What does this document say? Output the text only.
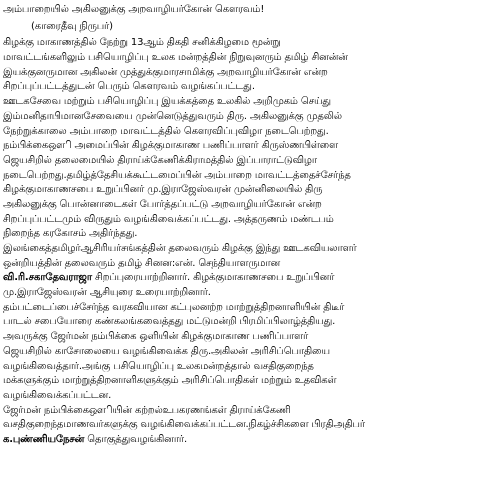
அம்பாறையில் அகிலனுக்கு அறவாழியர்கோன் கௌரவம்!
(காரைதீவு நிருபர்)
கிழக்கு மாகாணத்தில் நேற்று 13ஆம் திகதி சனிக்கிழமை மூன்று
மாவட்டங்களிலும் பசியொழிப்பு உலக மன்றத்தின் நிறுவுனரும் தமிழ் சினன்ன்
இயக்குனருமான அகிலன் முத்துக்குமாரசாமிக்கு அறவாழியர்கோன் என்ற
சிறப்புப்பட்டத்துடன் பெரும் கௌரவம் வழங்கப்பட்டது.
ஊடகசேவை மற்றும் பசியொழிப்பு இயக்கத்தை உலகில் அறிமுகம் செய்து
இம்மனிதாபிமானசேவையை முன்னெடுத்துவரும் திரு. அகிலனுக்கு முதலில்
நேற்றுக்காலை அம்பாறை மாவட்டத்தில் கௌரவிப்புவிழா நடைபெற்றது.
நம்பிக்கைஔி அமைப்பின் கிழக்குமாகாண பணிப்பாளர் கிருஸ்ணபிள்ளை
ஜெயசிறில் தலைமையில் திராய்க்கேணிக்கிராமத்தில் இப்பாராட்டுவிழா
நடைபெற்றது.தமிழ்த்தேசியக்கூட்டமைப்பின் அம்பாறை மாவட்டத்தைச்சேர்ந்த
கிழக்குமாகாணசபை உறுப்பினர் மு.இராஜேஸ்வரன் முன்னிலையில் திரு
அகிலனுக்கு பொன்னாடைகள் போர்த்தப்பட்டு அறவாழியர்கோன் என்ற
சிறப்புப்பட்டமும் விருதும் வழங்கிவைக்கப்பட்டது. அத்தருணம் மண்டபம்
நிறைந்த கரகோசம் அதிர்ந்தது.
இலங்கைத்தமிழர்ஆசிரியர்சங்கத்தின் தலைவரும் கிழக்கு இந்து ஊடகவியலாளர்
ஒன்றியத்தின் தலைவரும் தமிழ் சினன:என். செந்தியாளருமான
வி.ரி.சகாதேவராஜா சிறப்புரையாற்றினார். கிழக்குமாகாணசபை உறுப்பினர்
மு.இராஜேஸ்வரன் ஆசியுரை உரையாற்றினார்.
தம்பட்டைப்பைச்சேர்ந்த வரகவியான கட்புலனற்ற மாற்றுத்திறனாளியின் திடீர்
பாடல் சபையோரை கண்கலங்கவைத்தது மட்டுமன்றி பிரமிப்பிலாழ்த்தியது.
அவருக்கு ஜேர்மன் நம்பிக்கை ஒளியின் கிழக்குமாகாண பணிப்பாளர்
ஜெயசிறில் காசோலையை வழங்கிவைக்க திரு.அகிலன் அரிசிப்பொதியை
வழங்கிவைத்தார்.அங்கு பசியொழிப்பு உலகமன்றத்தால் வசதிகுறைந்த
மக்களுக்கும் மாற்றுத்திறனாளிகளுக்கும் அரிசிப்பொதிகள் மற்றும் உதவிகள்
வழங்கிவைக்கப்பட்டன.
ஜேர்மன் நம்பிக்கைஔியின் கற்றல்உபகரணங்கள் திராய்க்கேணி
வசதிகுறைந்தமாணவர்களுக்கு வழங்கிவைக்கப்பட்டன.நிகழ்ச்சிகளை பிரதிஅதிபர்
க.புண்ணியநேசன் தொகுத்துவழங்கினார்.
